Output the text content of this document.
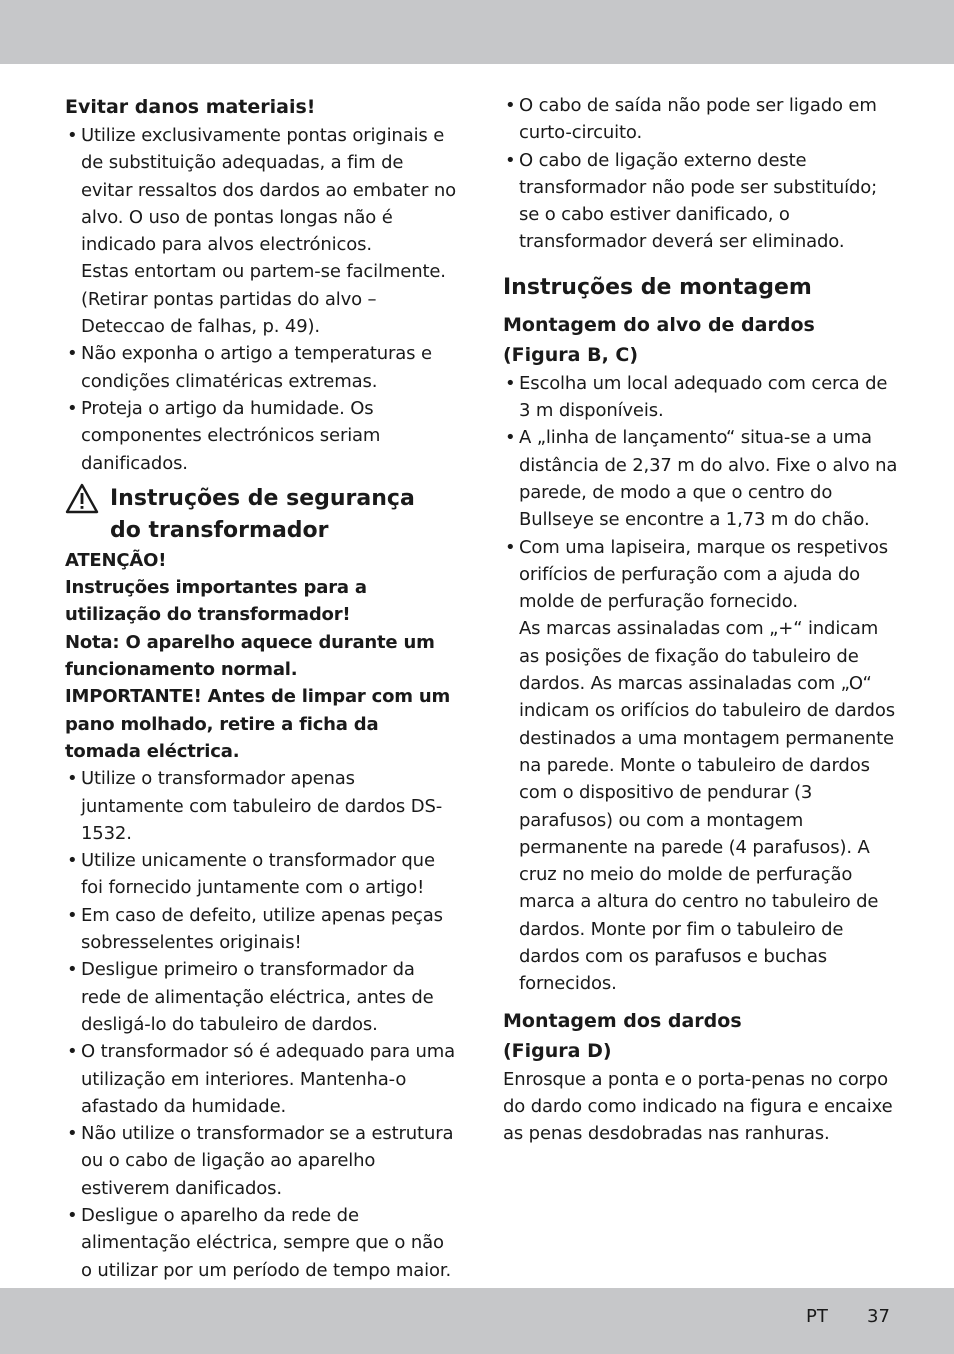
Evitar danos materiais!
• Utilize exclusivamente pontas originais e de substituição adequadas, a fim de evitar ressaltos dos dardos ao embater no alvo. O uso de pontas longas não é indicado para alvos electrónicos.
Estas entortam ou partem-se facilmente. (Retirar pontas partidas do alvo – Deteccao de falhas, p. 49).
• Não exponha o artigo a temperaturas e condições climatéricas extremas.
• Proteja o artigo da humidade. Os componentes electrónicos seriam danificados.
Instruções de segurança
do transformador

ATENÇÃO!

Instruções importantes para a utilização do transformador!

Nota: O aparelho aquece durante um funcionamento normal.

IMPORTANTE! Antes de limpar com um pano molhado, retire a ficha da tomada eléctrica.

• Utilize o transformador apenas juntamente com tabuleiro de dardos DS-1532.
• Utilize unicamente o transformador que foi fornecido juntamente com o artigo!
• Em caso de defeito, utilize apenas peças sobresselentes originais!
• Desligue primeiro o transformador da rede de alimentação eléctrica, antes de desligá-lo do tabuleiro de dardos.
• O transformador só é adequado para uma utilização em interiores. Mantenha-o afastado da humidade.
• Não utilize o transformador se a estrutura ou o cabo de ligação ao aparelho estiverem danificados.
• Desligue o aparelho da rede de alimentação eléctrica, sempre que o não o utilizar por um período de tempo maior.
• O cabo de saída não pode ser ligado em curto-circuito.
• O cabo de ligação externo deste transformador não pode ser substituído; se o cabo estiver danificado, o transformador deverá ser eliminado.
Instruções de montagem
Montagem do alvo de dardos
(Figura B, C)
• Escolha um local adequado com cerca de 3 m disponíveis.
• A „linha de lançamento“ situa-se a uma distância de 2,37 m do alvo. Fixe o alvo na parede, de modo a que o centro do Bullseye se encontre a 1,73 m do chão.
• Com uma lapiseira, marque os respetivos orifícios de perfuração com a ajuda do molde de perfuração fornecido.
As marcas assinaladas com „+“ indicam as posições de fixação do tabuleiro de dardos. As marcas assinaladas com „O“ indicam os orifícios do tabuleiro de dardos destinados a uma montagem permanente na parede. Monte o tabuleiro de dardos com o dispositivo de pendurar (3 parafusos) ou com a montagem permanente na parede (4 parafusos). A cruz no meio do molde de perfuração marca a altura do centro no tabuleiro de dardos. Monte por fim o tabuleiro de dardos com os parafusos e buchas fornecidos.
Montagem dos dardos
(Figura D)

Enrosque a ponta e o porta-penas no corpo do dardo como indicado na figura e encaixe as penas desdobradas nas ranhuras.

PT 37
